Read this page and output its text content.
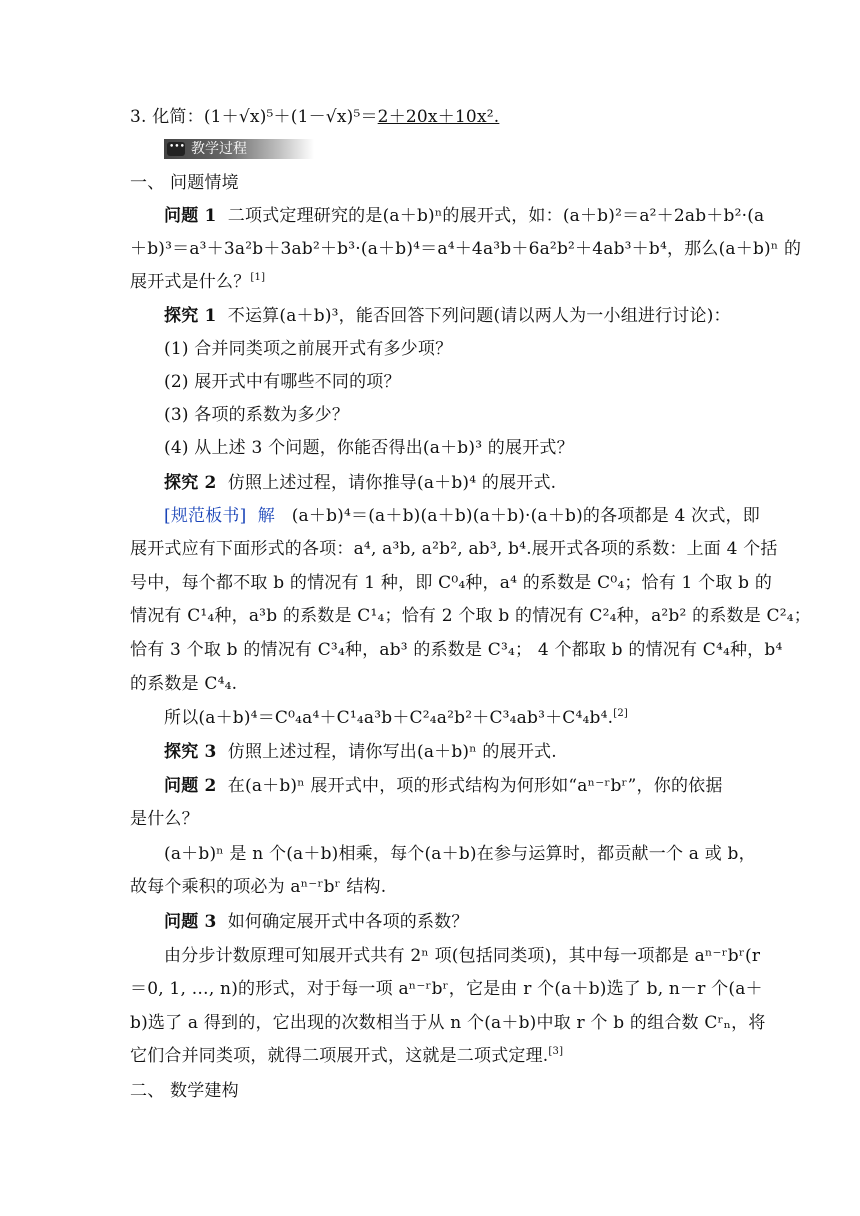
3. 化简：(1＋√x)⁵＋(1－√x)⁵＝2＋20x＋10x².
•••教学过程
一、 问题情境
问题 1 二项式定理研究的是(a＋b)ⁿ的展开式，如：(a＋b)²＝a²＋2ab＋b²·(a
＋b)³＝a³＋3a²b＋3ab²＋b³·(a＋b)⁴＝a⁴＋4a³b＋6a²b²＋4ab³＋b⁴，那么(a＋b)ⁿ 的
展开式是什么？[1]
探究 1 不运算(a＋b)³，能否回答下列问题(请以两人为一小组进行讨论)：
(1) 合并同类项之前展开式有多少项？
(2) 展开式中有哪些不同的项？
(3) 各项的系数为多少？
(4) 从上述 3 个问题，你能否得出(a＋b)³ 的展开式？
探究 2 仿照上述过程，请你推导(a＋b)⁴ 的展开式.
[规范板书] 解 (a＋b)⁴＝(a＋b)(a＋b)(a＋b)·(a＋b)的各项都是 4 次式，即
展开式应有下面形式的各项：a⁴, a³b, a²b², ab³, b⁴.展开式各项的系数：上面 4 个括
号中，每个都不取 b 的情况有 1 种，即 C⁰₄种，a⁴ 的系数是 C⁰₄；恰有 1 个取 b 的
情况有 C¹₄种，a³b 的系数是 C¹₄；恰有 2 个取 b 的情况有 C²₄种，a²b² 的系数是 C²₄；
恰有 3 个取 b 的情况有 C³₄种，ab³ 的系数是 C³₄； 4 个都取 b 的情况有 C⁴₄种，b⁴
的系数是 C⁴₄.
所以(a＋b)⁴＝C⁰₄a⁴＋C¹₄a³b＋C²₄a²b²＋C³₄ab³＋C⁴₄b⁴.[2]
探究 3 仿照上述过程，请你写出(a＋b)ⁿ 的展开式.
问题 2 在(a＋b)ⁿ 展开式中，项的形式结构为何形如“aⁿ⁻ʳbʳ”，你的依据
是什么？
(a＋b)ⁿ 是 n 个(a＋b)相乘，每个(a＋b)在参与运算时，都贡献一个 a 或 b，
故每个乘积的项必为 aⁿ⁻ʳbʳ 结构.
问题 3 如何确定展开式中各项的系数？
由分步计数原理可知展开式共有 2ⁿ 项(包括同类项)，其中每一项都是 aⁿ⁻ʳbʳ(r
＝0, 1, …, n)的形式，对于每一项 aⁿ⁻ʳbʳ，它是由 r 个(a＋b)选了 b, n－r 个(a＋
b)选了 a 得到的，它出现的次数相当于从 n 个(a＋b)中取 r 个 b 的组合数 Cʳₙ，将
它们合并同类项，就得二项展开式，这就是二项式定理.[3]
二、 数学建构
